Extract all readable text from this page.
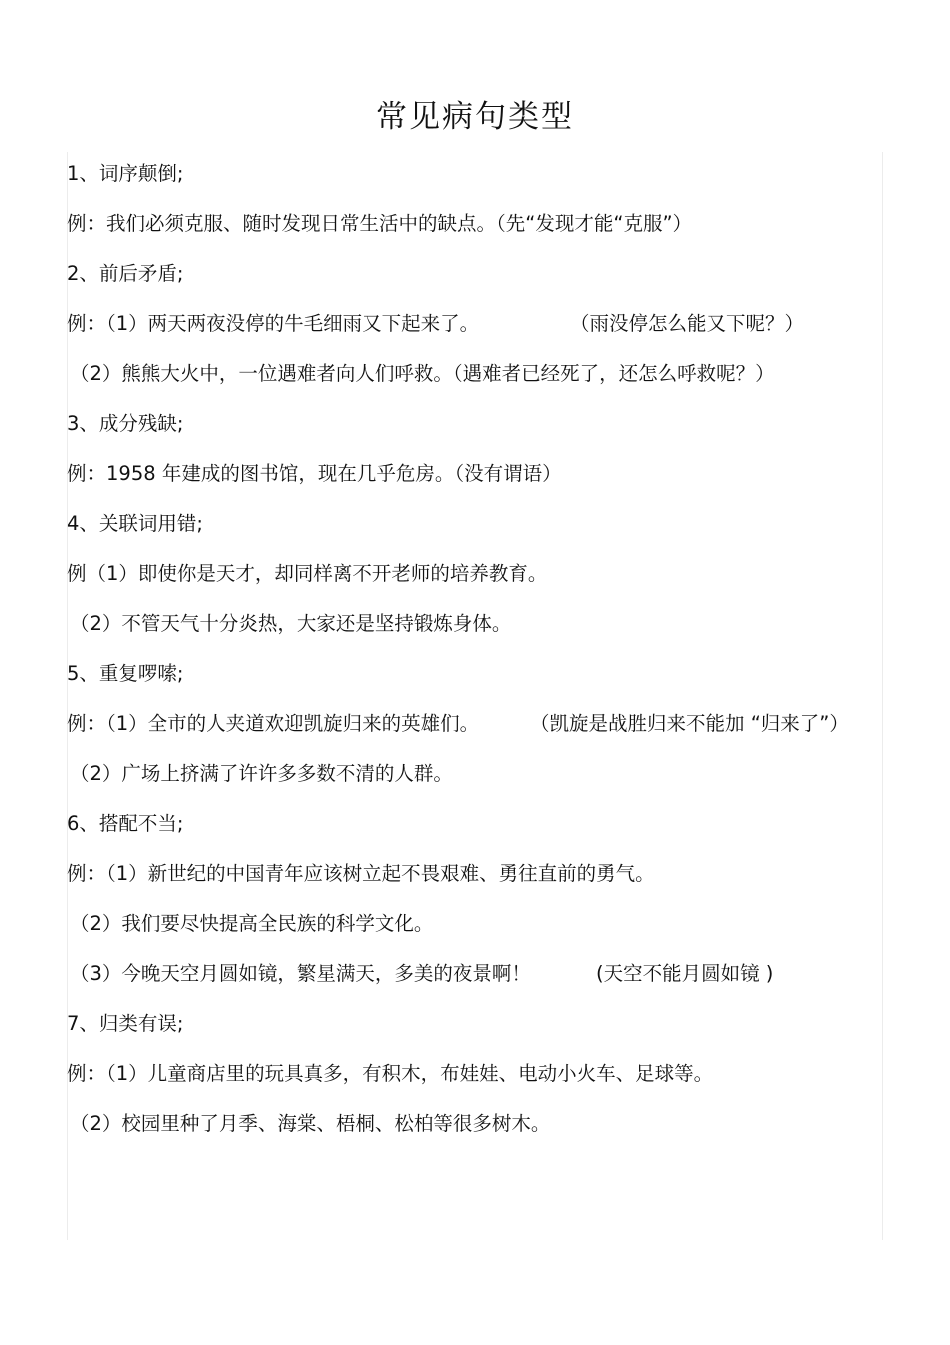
常见病句类型
1、词序颠倒;
例：我们必须克服、随时发现日常生活中的缺点。（先“发现才能“克服”）
2、前后矛盾;
例：（1）两天两夜没停的牛毛细雨又下起来了。	（雨没停怎么能又下呢？）
（2）熊熊大火中，一位遇难者向人们呼救。（遇难者已经死了，还怎么呼救呢？）
3、成分残缺;
例：1958 年建成的图书馆，现在几乎危房。（没有谓语）
4、关联词用错;
例（1）即使你是天才，却同样离不开老师的培养教育。
（2）不管天气十分炎热，大家还是坚持锻炼身体。
5、重复啰嗦;
例：（1）全市的人夹道欢迎凯旋归来的英雄们。	（凯旋是战胜归来不能加 “归来了”）
（2）广场上挤满了许许多多数不清的人群。
6、搭配不当;
例：（1）新世纪的中国青年应该树立起不畏艰难、勇往直前的勇气。
（2）我们要尽快提高全民族的科学文化。
（3）今晚天空月圆如镜，繁星满天，多美的夜景啊！	(天空不能月圆如镜 )
7、归类有误;
例：（1）儿童商店里的玩具真多，有积木，布娃娃、电动小火车、足球等。
（2）校园里种了月季、海棠、梧桐、松柏等很多树木。
